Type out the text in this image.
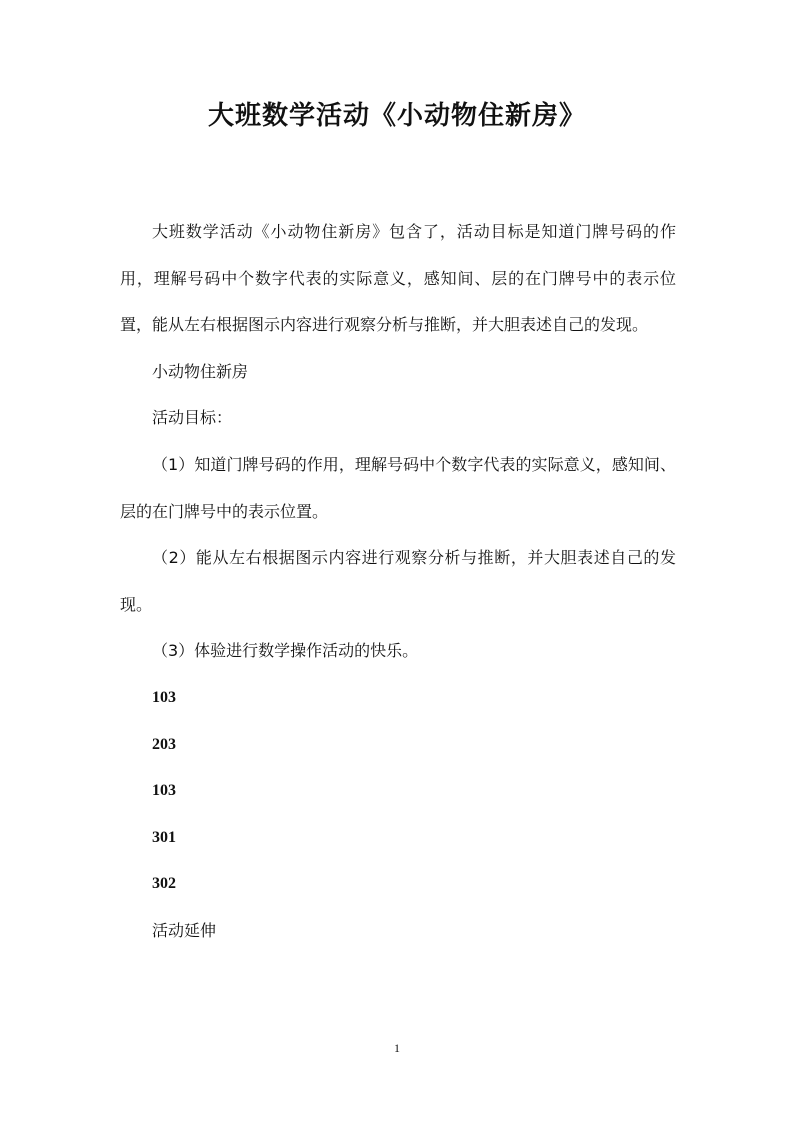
大班数学活动《小动物住新房》

大班数学活动《小动物住新房》包含了，活动目标是知道门牌号码的作用，理解号码中个数字代表的实际意义，感知间、层的在门牌号中的表示位置，能从左右根据图示内容进行观察分析与推断，并大胆表述自己的发现。

小动物住新房

活动目标：

（1）知道门牌号码的作用，理解号码中个数字代表的实际意义，感知间、层的在门牌号中的表示位置。

（2）能从左右根据图示内容进行观察分析与推断，并大胆表述自己的发现。

（3）体验进行数学操作活动的快乐。

103

203

103

301

302

活动延伸

1
